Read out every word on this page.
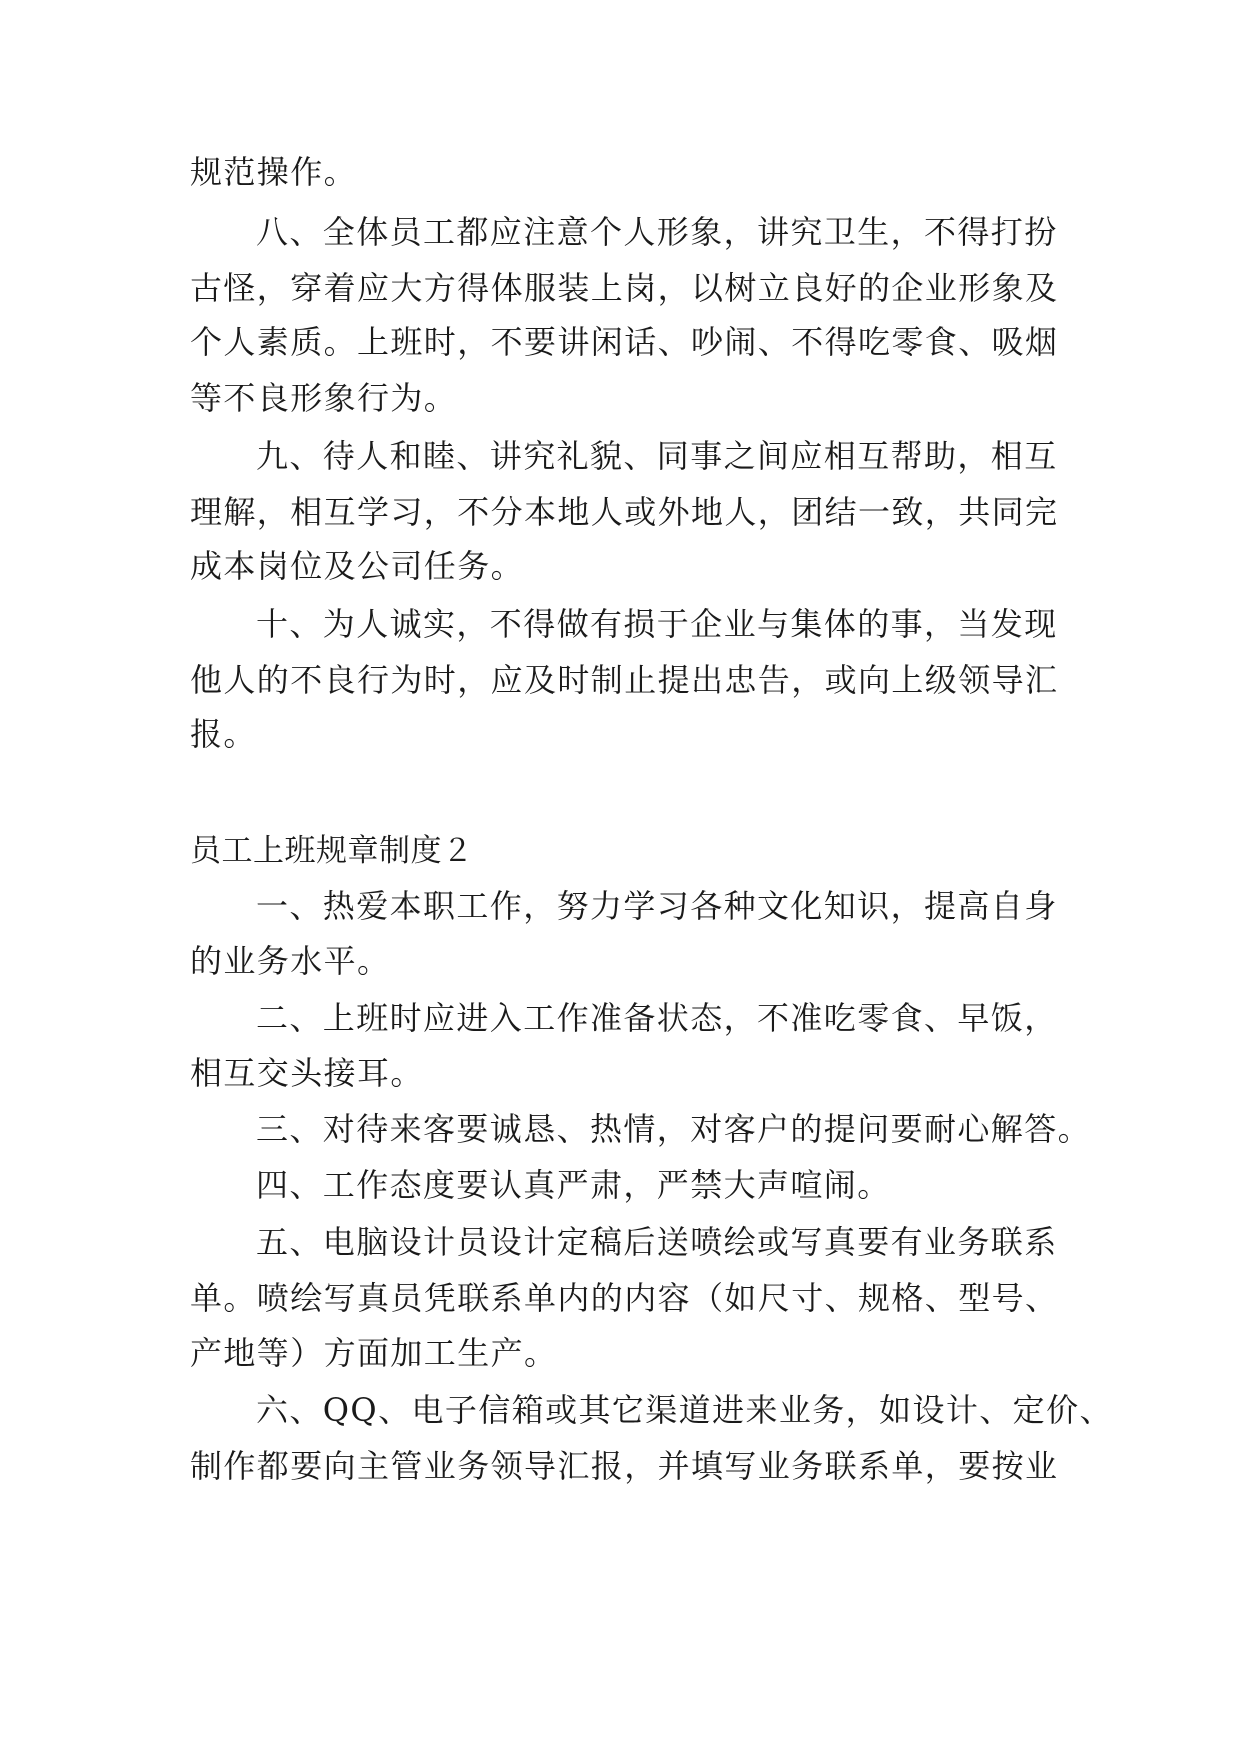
规范操作。
八、全体员工都应注意个人形象，讲究卫生，不得打扮
古怪，穿着应大方得体服装上岗，以树立良好的企业形象及
个人素质。上班时，不要讲闲话、吵闹、不得吃零食、吸烟
等不良形象行为。
九、待人和睦、讲究礼貌、同事之间应相互帮助，相互
理解，相互学习，不分本地人或外地人，团结一致，共同完
成本岗位及公司任务。
十、为人诚实，不得做有损于企业与集体的事，当发现
他人的不良行为时，应及时制止提出忠告，或向上级领导汇
报。
员工上班规章制度２
一、热爱本职工作，努力学习各种文化知识，提高自身
的业务水平。
二、上班时应进入工作准备状态，不准吃零食、早饭，
相互交头接耳。
三、对待来客要诚恳、热情，对客户的提问要耐心解答。
四、工作态度要认真严肃，严禁大声喧闹。
五、电脑设计员设计定稿后送喷绘或写真要有业务联系
单。喷绘写真员凭联系单内的内容（如尺寸、规格、型号、
产地等）方面加工生产。
六、QQ、电子信箱或其它渠道进来业务，如设计、定价、
制作都要向主管业务领导汇报，并填写业务联系单，要按业
